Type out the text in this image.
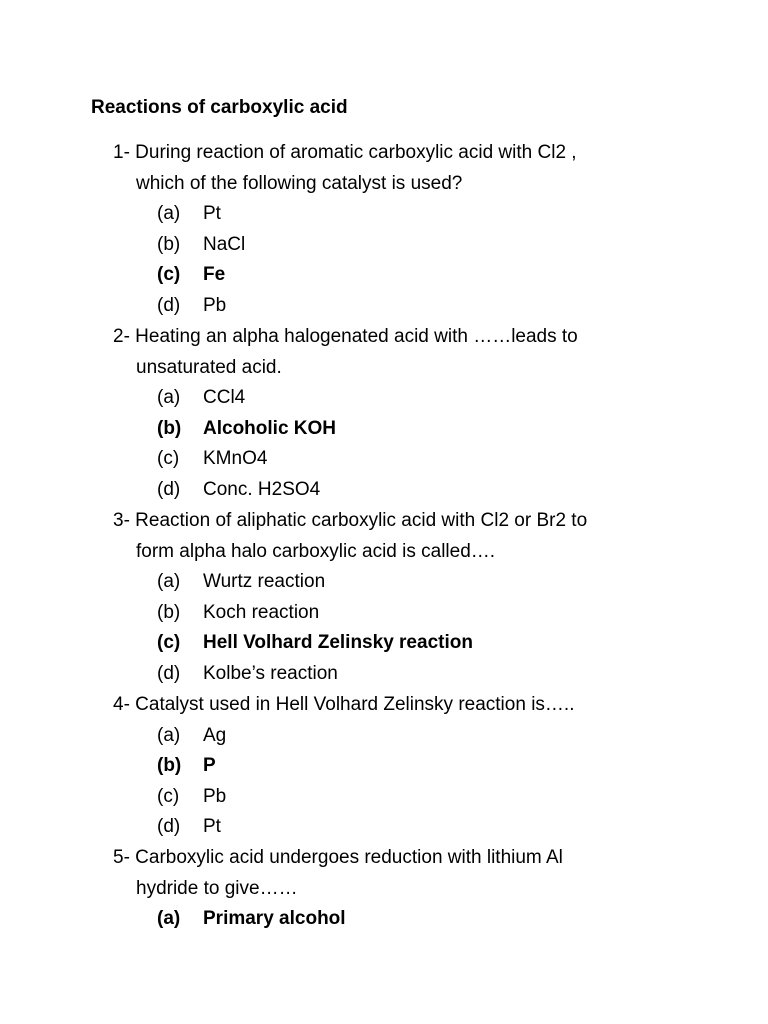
Reactions of carboxylic acid
1- During reaction of aromatic carboxylic acid with Cl2 ,
which of the following catalyst is used?
(a) Pt
(b) NaCl
(c) Fe
(d) Pb
2- Heating an alpha halogenated acid with ……leads to
unsaturated acid.
(a) CCl4
(b) Alcoholic KOH
(c) KMnO4
(d) Conc. H2SO4
3- Reaction of aliphatic carboxylic acid with Cl2 or Br2 to
form alpha halo carboxylic acid is called….
(a) Wurtz reaction
(b) Koch reaction
(c) Hell Volhard Zelinsky reaction
(d) Kolbe’s reaction
4- Catalyst used in Hell Volhard Zelinsky reaction is…..
(a) Ag
(b) P
(c) Pb
(d) Pt
5- Carboxylic acid undergoes reduction with lithium Al
hydride to give……
(a) Primary alcohol
